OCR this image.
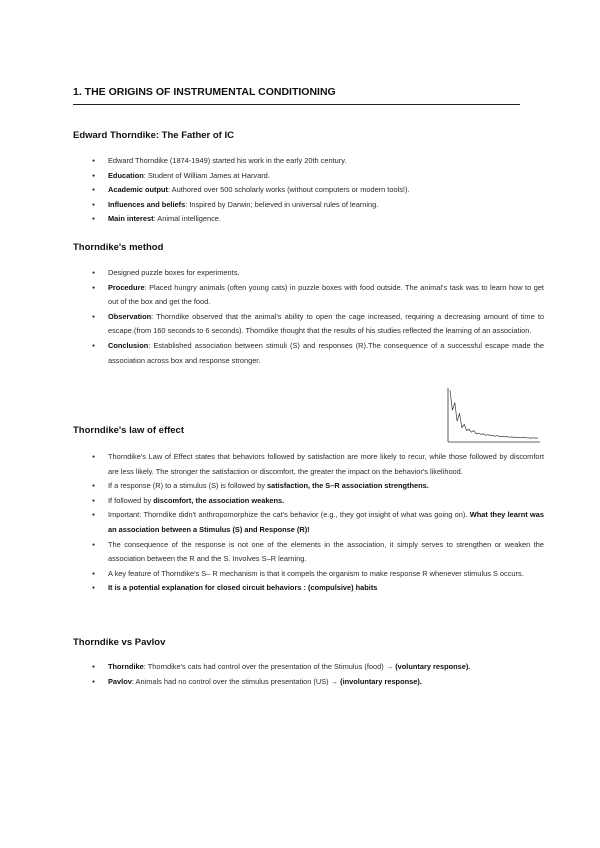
1. THE ORIGINS OF INSTRUMENTAL CONDITIONING
Edward Thorndike: The Father of IC
● Edward Thorndike (1874-1949) started his work in the early 20th century.
● Education: Student of William James at Harvard.
● Academic output: Authored over 500 scholarly works (without computers or modern tools!).
● Influences and beliefs: Inspired by Darwin; believed in universal rules of learning.
● Main interest: Animal intelligence.
Thorndike's method
● Designed puzzle boxes for experiments.
● Procedure: Placed hungry animals (often young cats) in puzzle boxes with food outside. The animal's task was to learn how to get out of the box and get the food.
● Observation: Thorndike observed that the animal's ability to open the cage increased, requiring a decreasing amount of time to escape.(from 160 seconds to 6 seconds). Thorndike thought that the results of his studies reflected the learning of an association.
● Conclusion: Established association between stimuli (S) and responses (R).The consequence of a successful escape made the association across box and response stronger.
Thorndike's law of effect
● Thorndike's Law of Effect states that behaviors followed by satisfaction are more likely to recur, while those followed by discomfort are less likely. The stronger the satisfaction or discomfort, the greater the impact on the behavior's likelihood.
● If a response (R) to a stimulus (S) is followed by satisfaction, the S–R association strengthens.
● If followed by discomfort, the association weakens.
● Important: Thorndike didn't anthropomorphize the cat's behavior (e.g., they got insight of what was going on). What they learnt was an association between a Stimulus (S) and Response (R)!
● The consequence of the response is not one of the elements in the association, it simply serves to strengthen or weaken the association between the R and the S. Involves S–R learning.
● A key feature of Thorndike's S– R mechanism is that it compels the organism to make response R whenever stimulus S occurs.
● It is a potential explanation for closed circuit behaviors : (compulsive) habits
Thorndike vs Pavlov
● Thorndike: Thorndike's cats had control over the presentation of the Stimulus (food) → (voluntary response).
● Pavlov: Animals had no control over the stimulus presentation (US) → (involuntary response).
